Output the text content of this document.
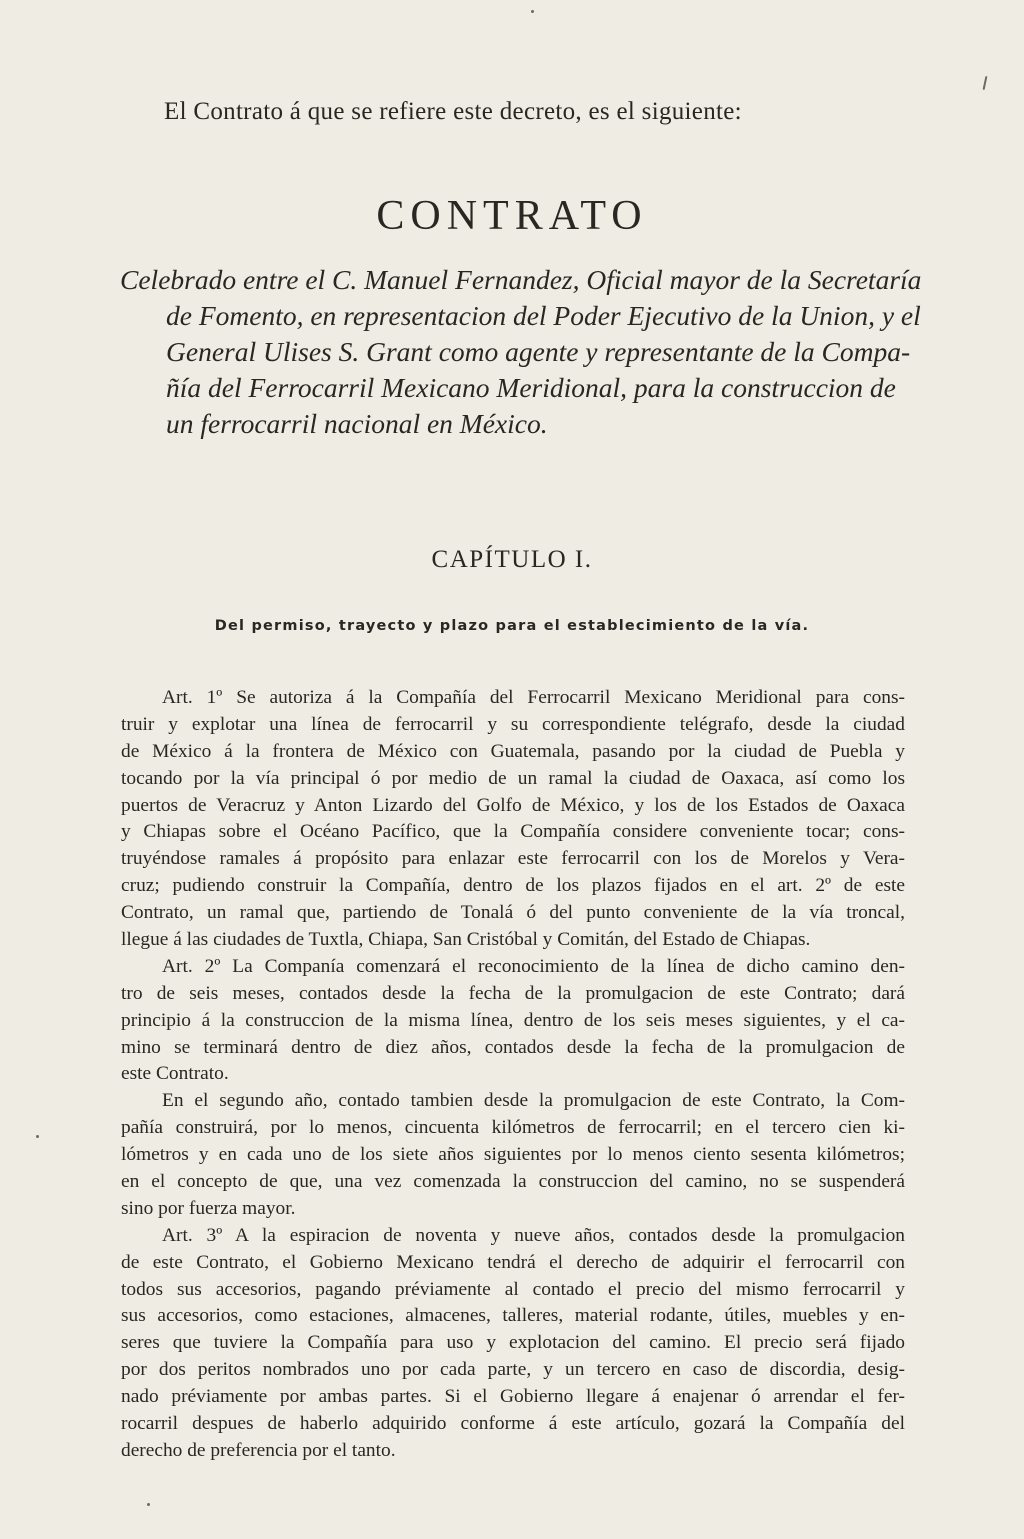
El Contrato á que se refiere este decreto, es el siguiente:
CONTRATO
Celebrado entre el C. Manuel Fernandez, Oficial mayor de la Secretaría
de Fomento, en representacion del Poder Ejecutivo de la Union, y el
General Ulises S. Grant como agente y representante de la Compa-
ñía del Ferrocarril Mexicano Meridional, para la construccion de
un ferrocarril nacional en México.
CAPÍTULO I.
Del permiso, trayecto y plazo para el establecimiento de la vía.
Art. 1º Se autoriza á la Compañía del Ferrocarril Mexicano Meridional para cons-
truir y explotar una línea de ferrocarril y su correspondiente telégrafo, desde la ciudad
de México á la frontera de México con Guatemala, pasando por la ciudad de Puebla y
tocando por la vía principal ó por medio de un ramal la ciudad de Oaxaca, así como los
puertos de Veracruz y Anton Lizardo del Golfo de México, y los de los Estados de Oaxaca
y Chiapas sobre el Océano Pacífico, que la Compañía considere conveniente tocar; cons-
truyéndose ramales á propósito para enlazar este ferrocarril con los de Morelos y Vera-
cruz; pudiendo construir la Compañía, dentro de los plazos fijados en el art. 2º de este
Contrato, un ramal que, partiendo de Tonalá ó del punto conveniente de la vía troncal,
llegue á las ciudades de Tuxtla, Chiapa, San Cristóbal y Comitán, del Estado de Chiapas.
Art. 2º La Companía comenzará el reconocimiento de la línea de dicho camino den-
tro de seis meses, contados desde la fecha de la promulgacion de este Contrato; dará
principio á la construccion de la misma línea, dentro de los seis meses siguientes, y el ca-
mino se terminará dentro de diez años, contados desde la fecha de la promulgacion de
este Contrato.
En el segundo año, contado tambien desde la promulgacion de este Contrato, la Com-
pañía construirá, por lo menos, cincuenta kilómetros de ferrocarril; en el tercero cien ki-
lómetros y en cada uno de los siete años siguientes por lo menos ciento sesenta kilómetros;
en el concepto de que, una vez comenzada la construccion del camino, no se suspenderá
sino por fuerza mayor.
Art. 3º A la espiracion de noventa y nueve años, contados desde la promulgacion
de este Contrato, el Gobierno Mexicano tendrá el derecho de adquirir el ferrocarril con
todos sus accesorios, pagando préviamente al contado el precio del mismo ferrocarril y
sus accesorios, como estaciones, almacenes, talleres, material rodante, útiles, muebles y en-
seres que tuviere la Compañía para uso y explotacion del camino. El precio será fijado
por dos peritos nombrados uno por cada parte, y un tercero en caso de discordia, desig-
nado préviamente por ambas partes. Si el Gobierno llegare á enajenar ó arrendar el fer-
rocarril despues de haberlo adquirido conforme á este artículo, gozará la Compañía del
derecho de preferencia por el tanto.
